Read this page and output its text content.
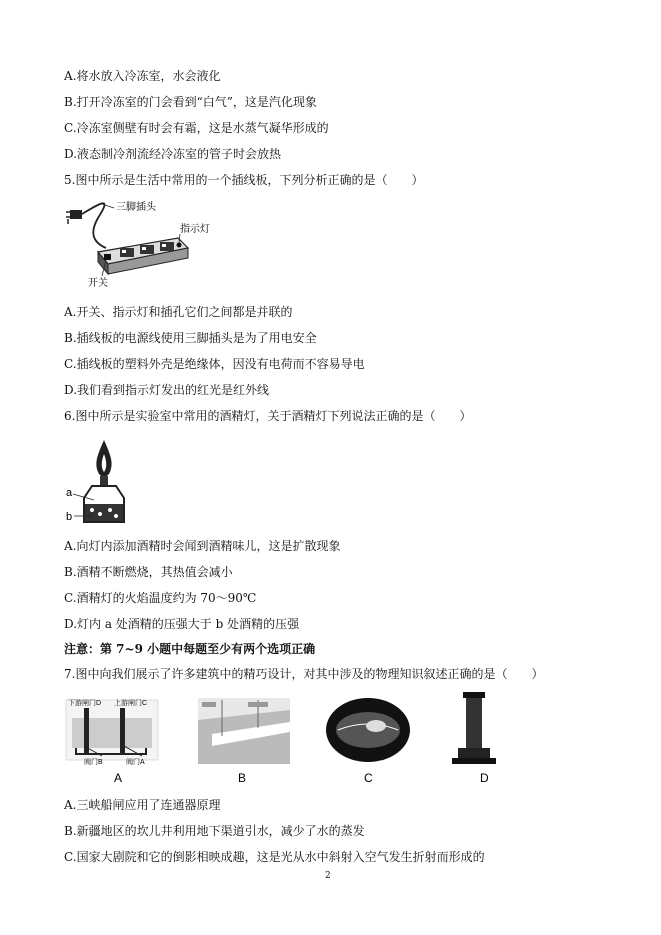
A.将水放入冷冻室，水会液化
B.打开冷冻室的门会看到“白气”，这是汽化现象
C.冷冻室侧壁有时会有霜，这是水蒸气凝华形成的
D.液态制冷剂流经冷冻室的管子时会放热
5.图中所示是生活中常用的一个插线板，下列分析正确的是（　　）
三脚插头
指示灯
开关
A.开关、指示灯和插孔它们之间都是并联的
B.插线板的电源线使用三脚插头是为了用电安全
C.插线板的塑料外壳是绝缘体，因没有电荷而不容易导电
D.我们看到指示灯发出的红光是红外线
6.图中所示是实验室中常用的酒精灯，关于酒精灯下列说法正确的是（　　）
a
b
A.向灯内添加酒精时会闻到酒精味儿，这是扩散现象
B.酒精不断燃烧，其热值会减小
C.酒精灯的火焰温度约为 70～90℃
D.灯内 a 处酒精的压强大于 b 处酒精的压强
注意：第 7~9 小题中每题至少有两个选项正确
7.图中向我们展示了许多建筑中的精巧设计，对其中涉及的物理知识叙述正确的是（　　）
下游闸门D 上游闸门C
阀门B	阀门A
A	B	C	D
A.三峡船闸应用了连通器原理
B.新疆地区的坎儿井利用地下渠道引水，减少了水的蒸发
C.国家大剧院和它的倒影相映成趣，这是光从水中斜射入空气发生折射而形成的
2
